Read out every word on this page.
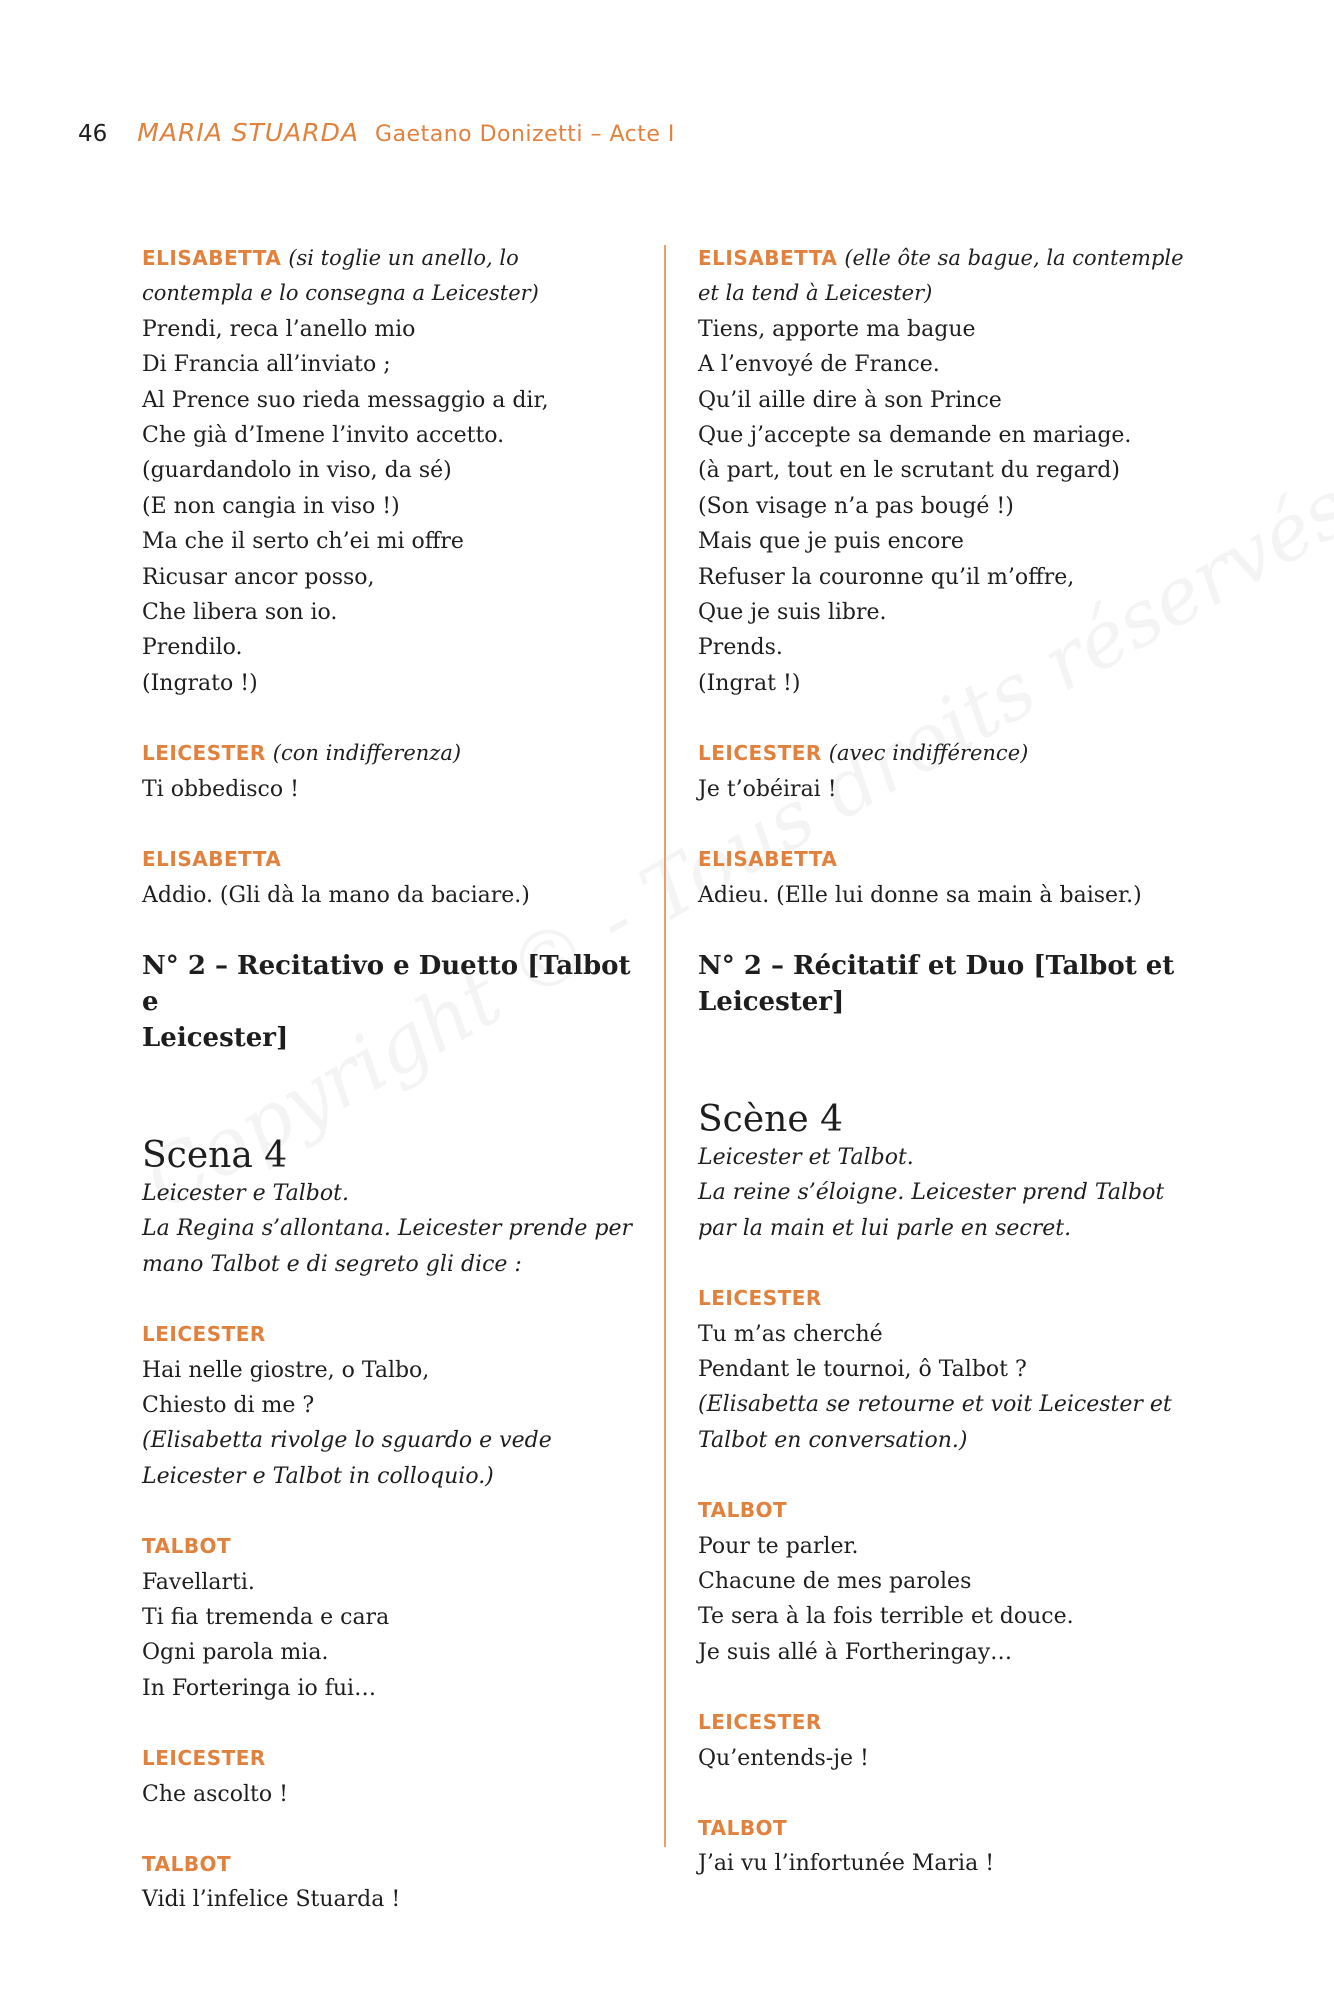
46 MARIA STUARDA Gaetano Donizetti – Acte I
ELISABETTA (si toglie un anello, lo
contempla e lo consegna a Leicester)
Prendi, reca l’anello mio
Di Francia all’inviato ;
Al Prence suo rieda messaggio a dir,
Che già d’Imene l’invito accetto.
(guardandolo in viso, da sé)
(E non cangia in viso !)
Ma che il serto ch’ei mi offre
Ricusar ancor posso,
Che libera son io.
Prendilo.
(Ingrato !)
LEICESTER (con indifferenza)
Ti obbedisco !
ELISABETTA
Addio. (Gli dà la mano da baciare.)
N° 2 – Recitativo e Duetto [Talbot e
Leicester]
Scena 4
Leicester e Talbot.
La Regina s’allontana. Leicester prende per
mano Talbot e di segreto gli dice :
LEICESTER
Hai nelle giostre, o Talbo,
Chiesto di me ?
(Elisabetta rivolge lo sguardo e vede
Leicester e Talbot in colloquio.)
TALBOT
Favellarti.
Ti fia tremenda e cara
Ogni parola mia.
In Forteringa io fui…
LEICESTER
Che ascolto !
TALBOT
Vidi l’infelice Stuarda !
ELISABETTA (elle ôte sa bague, la contemple
et la tend à Leicester)
Tiens, apporte ma bague
A l’envoyé de France.
Qu’il aille dire à son Prince
Que j’accepte sa demande en mariage.
(à part, tout en le scrutant du regard)
(Son visage n’a pas bougé !)
Mais que je puis encore
Refuser la couronne qu’il m’offre,
Que je suis libre.
Prends.
(Ingrat !)
LEICESTER (avec indifférence)
Je t’obéirai !
ELISABETTA
Adieu. (Elle lui donne sa main à baiser.)
N° 2 – Récitatif et Duo [Talbot et
Leicester]
Scène 4
Leicester et Talbot.
La reine s’éloigne. Leicester prend Talbot
par la main et lui parle en secret.
LEICESTER
Tu m’as cherché
Pendant le tournoi, ô Talbot ?
(Elisabetta se retourne et voit Leicester et
Talbot en conversation.)
TALBOT
Pour te parler.
Chacune de mes paroles
Te sera à la fois terrible et douce.
Je suis allé à Fortheringay…
LEICESTER
Qu’entends-je !
TALBOT
J’ai vu l’infortunée Maria !
